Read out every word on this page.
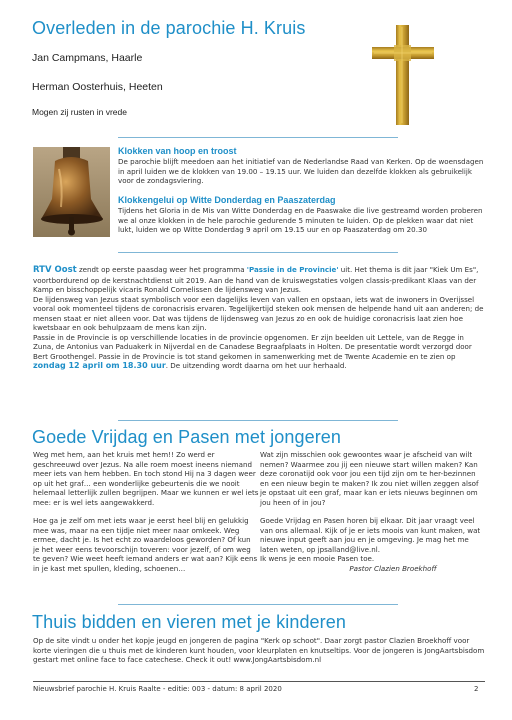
Overleden in de parochie H. Kruis
Jan Campmans, Haarle
Herman Oosterhuis, Heeten
Mogen zij rusten in vrede
Klokken van hoop en troost
De parochie blijft meedoen aan het initiatief van de Nederlandse Raad van Kerken. Op de woensdagen in april luiden we de klokken van 19.00 – 19.15 uur. We luiden dan dezelfde klokken als gebruikelijk voor de zondagsviering.
Klokkengelui op Witte Donderdag en Paaszaterdag
Tijdens het Gloria in de Mis van Witte Donderdag en de Paaswake die live gestreamd worden proberen we al onze klokken in de hele parochie gedurende 5 minuten te luiden. Op de plekken waar dat niet lukt, luiden we op Witte Donderdag 9 april om 19.15 uur en op Paaszaterdag om 20.30
RTV Oost zendt op eerste paasdag weer het programma 'Passie in de Provincie' uit. Het thema is dit jaar "Kiek Um Es", voortbordurend op de kerstnachtdienst uit 2019. Aan de hand van de kruiswegstaties volgen classis-predikant Klaas van der Kamp en bisschoppelijk vicaris Ronald Cornelissen de lijdensweg van Jezus.
De lijdensweg van Jezus staat symbolisch voor een dagelijks leven van vallen en opstaan, iets wat de inwoners in Overijssel vooral ook momenteel tijdens de coronacrisis ervaren. Tegelijkertijd steken ook mensen de helpende hand uit aan anderen; de mensen staat er niet alleen voor. Dat was tijdens de lijdensweg van Jezus zo en ook de huidige coronacrisis laat zien hoe kwetsbaar en ook behulpzaam de mens kan zijn.
Passie in de Provincie is op verschillende locaties in de provincie opgenomen. Er zijn beelden uit Lettele, van de Regge in Zuna, de Antonius van Paduakerk in Nijverdal en de Canadese Begraafplaats in Holten. De presentatie wordt verzorgd door Bert Groothengel. Passie in de Provincie is tot stand gekomen in samenwerking met de Twente Academie en te zien op zondag 12 april om 18.30 uur. De uitzending wordt daarna om het uur herhaald.
Goede Vrijdag en Pasen met jongeren
Weg met hem, aan het kruis met hem!! Zo werd er geschreeuwd over Jezus. Na alle roem moest ineens niemand meer iets van hem hebben. En toch stond Hij na 3 dagen weer op uit het graf… een wonderlijke gebeurtenis die we nooit helemaal letterlijk zullen begrijpen. Maar we kunnen er wel iets mee: er is wel iets aangewakkerd.
Hoe ga je zelf om met iets waar je eerst heel blij en gelukkig mee was, maar na een tijdje niet meer naar omkeek. Weg ermee, dacht je. Is het echt zo waardeloos geworden? Of kun je het weer eens tevoorschijn toveren: voor jezelf, of om weg te geven? Wie weet heeft iemand anders er wat aan? Kijk eens in je kast met spullen, kleding, schoenen…
Wat zijn misschien ook gewoontes waar je afscheid van wilt nemen? Waarmee zou jij een nieuwe start willen maken? Kan deze coronatijd ook voor jou een tijd zijn om te her-bezinnen en een nieuw begin te maken? Ik zou niet willen zeggen alsof je opstaat uit een graf, maar kan er iets nieuws beginnen om jou heen of in jou?
Goede Vrijdag en Pasen horen bij elkaar. Dit jaar vraagt veel van ons allemaal. Kijk of je er iets moois van kunt maken, wat nieuwe input geeft aan jou en je omgeving. Je mag het me laten weten, op jpsalland@live.nl.
Ik wens je een mooie Pasen toe.
Pastor Clazien Broekhoff
Thuis bidden en vieren met je kinderen
Op de site vindt u onder het kopje jeugd en jongeren de pagina "Kerk op schoot". Daar zorgt pastor Clazien Broekhoff voor korte vieringen die u thuis met de kinderen kunt houden, voor kleurplaten en knutseltips. Voor de jongeren is JongAartsbisdom gestart met online face to face catechese. Check it out! www.JongAartsbisdom.nl
Nieuwsbrief parochie H. Kruis Raalte - editie: 003 - datum: 8 april 2020	2
